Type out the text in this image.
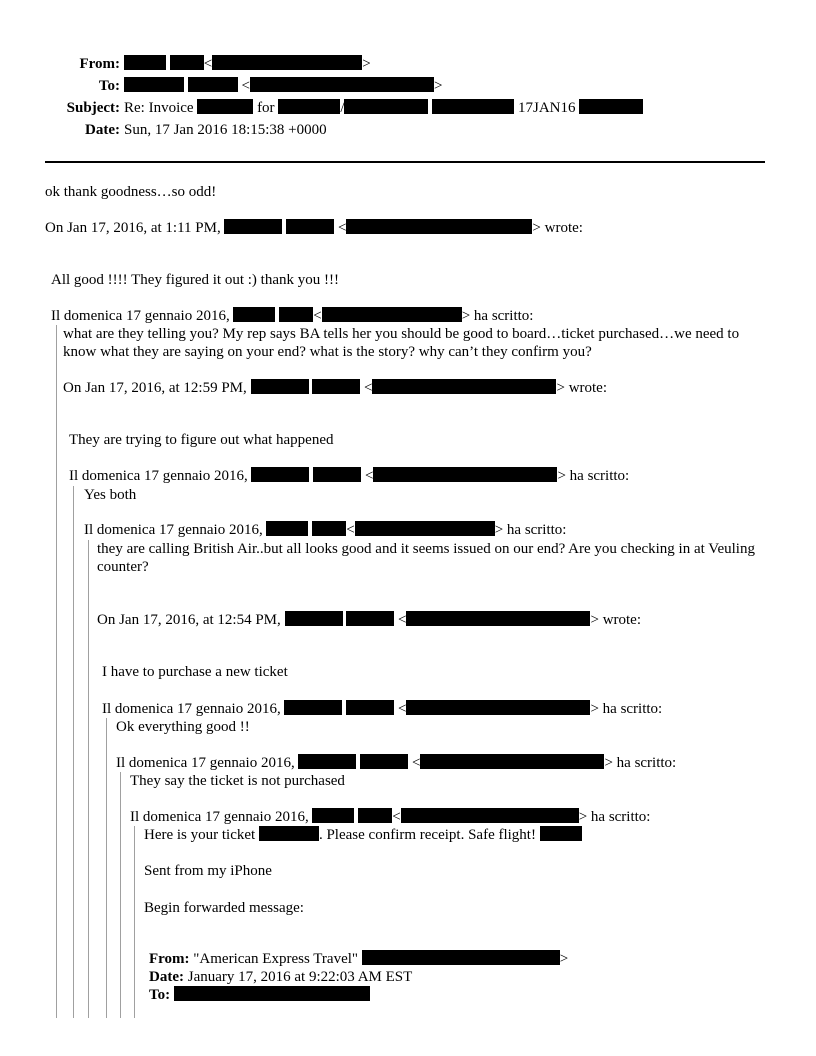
From:	<	>
To:	<	>
Subject: Re: Invoice	for	/	17JAN16
Date: Sun, 17 Jan 2016 18:15:38 +0000
ok thank goodness…so odd!
On Jan 17, 2016, at 1:11 PM,	<	> wrote:
All good !!!! They figured it out :) thank you !!!
Il domenica 17 gennaio 2016,	<	> ha scritto:
what are they telling you? My rep says BA tells her you should be good to board…ticket purchased…we need to know what they are saying on your end? what is the story? why can’t they confirm you?
On Jan 17, 2016, at 12:59 PM,	<	> wrote:
They are trying to figure out what happened
Il domenica 17 gennaio 2016,	<	> ha scritto:
Yes both
Il domenica 17 gennaio 2016,	<	> ha scritto:
they are calling British Air..but all looks good and it seems issued on our end? Are you checking in at Veuling counter?
On Jan 17, 2016, at 12:54 PM,	<	> wrote:
I have to purchase a new ticket
Il domenica 17 gennaio 2016,	<	> ha scritto:
Ok everything good !!
Il domenica 17 gennaio 2016,	<	> ha scritto:
They say the ticket is not purchased
Il domenica 17 gennaio 2016,	<	> ha scritto:
Here is your ticket	. Please confirm receipt. Safe flight!
Sent from my iPhone
Begin forwarded message:
From: "American Express Travel"	>
Date: January 17, 2016 at 9:22:03 AM EST
To:
